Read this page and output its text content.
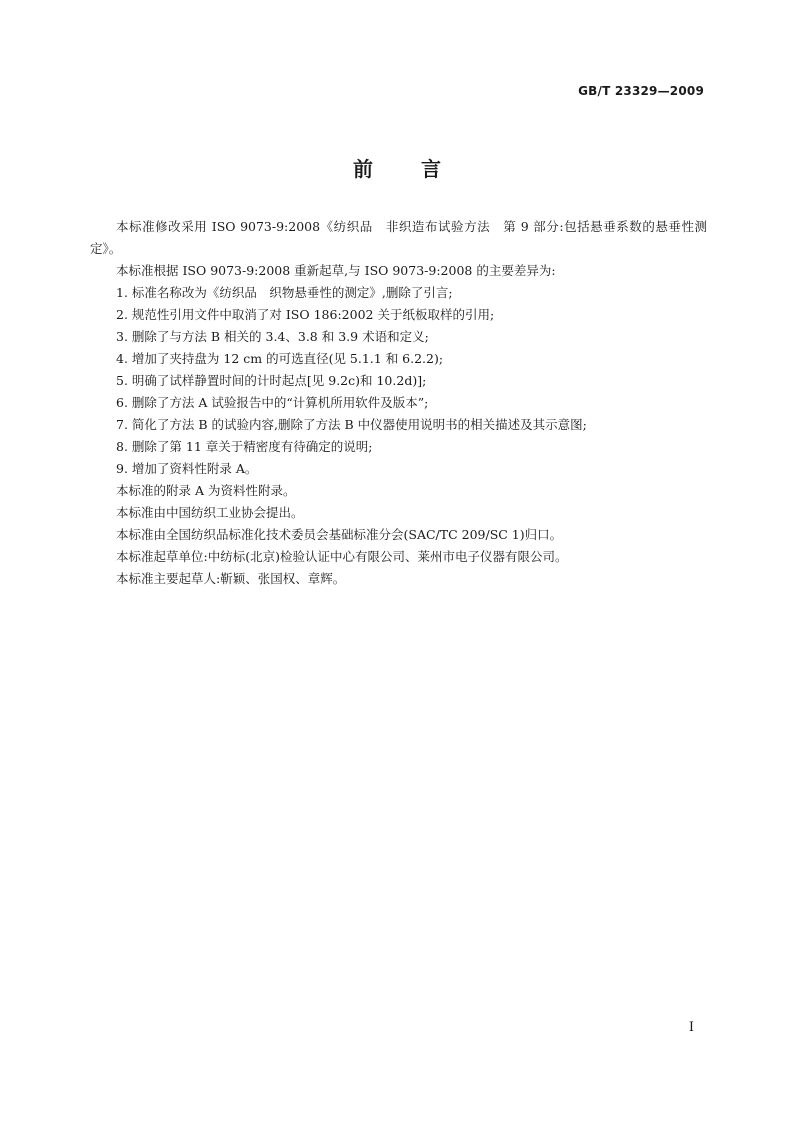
GB/T 23329—2009
前 言

本标准修改采用 ISO 9073-9:2008《纺织品　非织造布试验方法　第 9 部分:包括悬垂系数的悬垂性测定》。

本标准根据 ISO 9073-9:2008 重新起草,与 ISO 9073-9:2008 的主要差异为:

1. 标准名称改为《纺织品　织物悬垂性的测定》,删除了引言;

2. 规范性引用文件中取消了对 ISO 186:2002 关于纸板取样的引用;

3. 删除了与方法 B 相关的 3.4、3.8 和 3.9 术语和定义;

4. 增加了夹持盘为 12 cm 的可选直径(见 5.1.1 和 6.2.2);

5. 明确了试样静置时间的计时起点[见 9.2c)和 10.2d)];

6. 删除了方法 A 试验报告中的“计算机所用软件及版本”;

7. 简化了方法 B 的试验内容,删除了方法 B 中仪器使用说明书的相关描述及其示意图;

8. 删除了第 11 章关于精密度有待确定的说明;

9. 增加了资料性附录 A。

本标准的附录 A 为资料性附录。

本标准由中国纺织工业协会提出。

本标准由全国纺织品标准化技术委员会基础标准分会(SAC/TC 209/SC 1)归口。

本标准起草单位:中纺标(北京)检验认证中心有限公司、莱州市电子仪器有限公司。

本标准主要起草人:靳颖、张国权、章辉。

I
